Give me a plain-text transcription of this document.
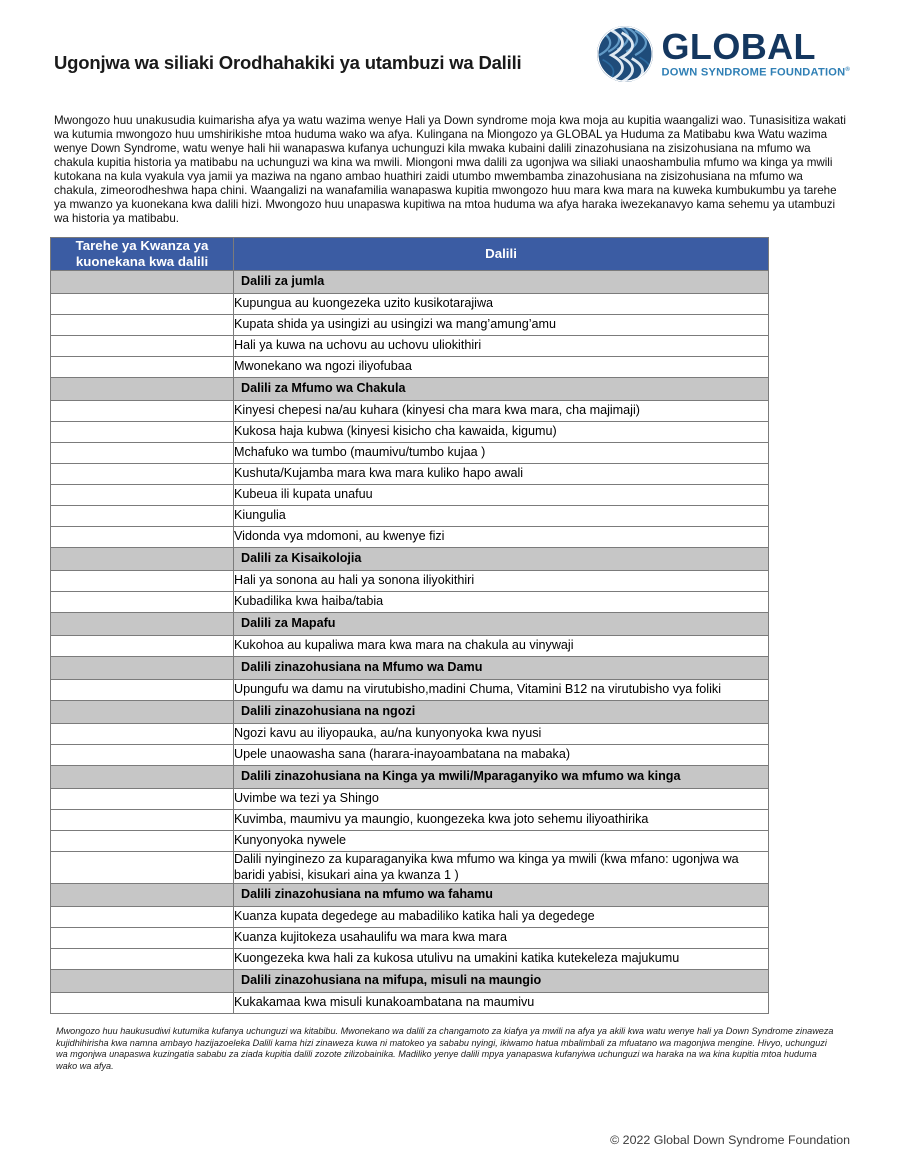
Ugonjwa wa siliaki Orodhahakiki ya utambuzi wa Dalili	GLOBAL
DOWN SYNDROME FOUNDATION®

Mwongozo huu unakusudia kuimarisha afya ya watu wazima wenye Hali ya Down syndrome moja kwa moja au kupitia waangalizi wao. Tunasisitiza wakati wa kutumia mwongozo huu umshirikishe mtoa huduma wako wa afya. Kulingana na Miongozo ya GLOBAL ya Huduma za Matibabu kwa Watu wazima wenye Down Syndrome, watu wenye hali hii wanapaswa kufanya uchunguzi kila mwaka kubaini dalili zinazohusiana na zisizohusiana na mfumo wa chakula kupitia historia ya matibabu na uchunguzi wa kina wa mwili. Miongoni mwa dalili za ugonjwa wa siliaki unaoshambulia mfumo wa kinga ya mwili kutokana na kula vyakula vya jamii ya maziwa na ngano ambao huathiri zaidi utumbo mwembamba zinazohusiana na zisizohusiana na mfumo wa chakula, zimeorodheshwa hapa chini. Waangalizi na wanafamilia wanapaswa kupitia mwongozo huu mara kwa mara na kuweka kumbukumbu ya tarehe ya mwanzo ya kuonekana kwa dalili hizi. Mwongozo huu unapaswa kupitiwa na mtoa huduma wa afya haraka iwezekanavyo kama sehemu ya utambuzi wa historia ya matibabu.

Tarehe ya Kwanza ya kuonekana kwa dalili	Dalili
	Dalili za jumla
	Kupungua au kuongezeka uzito kusikotarajiwa
	Kupata shida ya usingizi au usingizi wa mang’amung’amu
	Hali ya kuwa na uchovu au uchovu uliokithiri
	Mwonekano wa ngozi iliyofubaa
	Dalili za Mfumo wa Chakula
	Kinyesi chepesi na/au kuhara (kinyesi cha mara kwa mara, cha majimaji)
	Kukosa haja kubwa (kinyesi kisicho cha kawaida, kigumu)
	Mchafuko wa tumbo (maumivu/tumbo kujaa )
	Kushuta/Kujamba mara kwa mara kuliko hapo awali
	Kubeua ili kupata unafuu
	Kiungulia
	Vidonda vya mdomoni, au kwenye fizi
	Dalili za Kisaikolojia
	Hali ya sonona au hali ya sonona iliyokithiri
	Kubadilika kwa haiba/tabia
	Dalili za Mapafu
	Kukohoa au kupaliwa mara kwa mara na chakula au vinywaji
	Dalili zinazohusiana na Mfumo wa Damu
	Upungufu wa damu na virutubisho,madini Chuma, Vitamini B12 na virutubisho vya foliki
	Dalili zinazohusiana na ngozi
	Ngozi kavu au iliyopauka, au/na kunyonyoka kwa nyusi
	Upele unaowasha sana (harara-inayoambatana na mabaka)
	Dalili zinazohusiana na Kinga ya mwili/Mparaganyiko wa mfumo wa kinga
	Uvimbe wa tezi ya Shingo
	Kuvimba, maumivu ya maungio, kuongezeka kwa joto sehemu iliyoathirika
	Kunyonyoka nywele
	Dalili nyinginezo za kuparaganyika kwa mfumo wa kinga ya mwili (kwa mfano: ugonjwa wa baridi yabisi, kisukari aina ya kwanza 1 )
	Dalili zinazohusiana na mfumo wa fahamu
	Kuanza kupata degedege au mabadiliko katika hali ya degedege
	Kuanza kujitokeza usahaulifu wa mara kwa mara
	Kuongezeka kwa hali za kukosa utulivu na umakini katika kutekeleza majukumu
	Dalili zinazohusiana na mifupa, misuli na maungio
	Kukakamaa kwa misuli kunakoambatana na maumivu

Mwongozo huu haukusudiwi kutumika kufanya uchunguzi wa kitabibu. Mwonekano wa dalili za changamoto za kiafya ya mwili na afya ya akili kwa watu wenye hali ya Down Syndrome zinaweza kujidhihirisha kwa namna ambayo hazijazoeleka Dalili kama hizi zinaweza kuwa ni matokeo ya sababu nyingi, ikiwamo hatua mbalimbali za mfuatano wa magonjwa mengine. Hivyo, uchunguzi wa mgonjwa unapaswa kuzingatia sababu za ziada kupitia dalili zozote zilizobainika. Madiliko yenye dalili mpya yanapaswa kufanyiwa uchunguzi wa haraka na wa kina kupitia mtoa huduma wako wa afya.

© 2022 Global Down Syndrome Foundation
